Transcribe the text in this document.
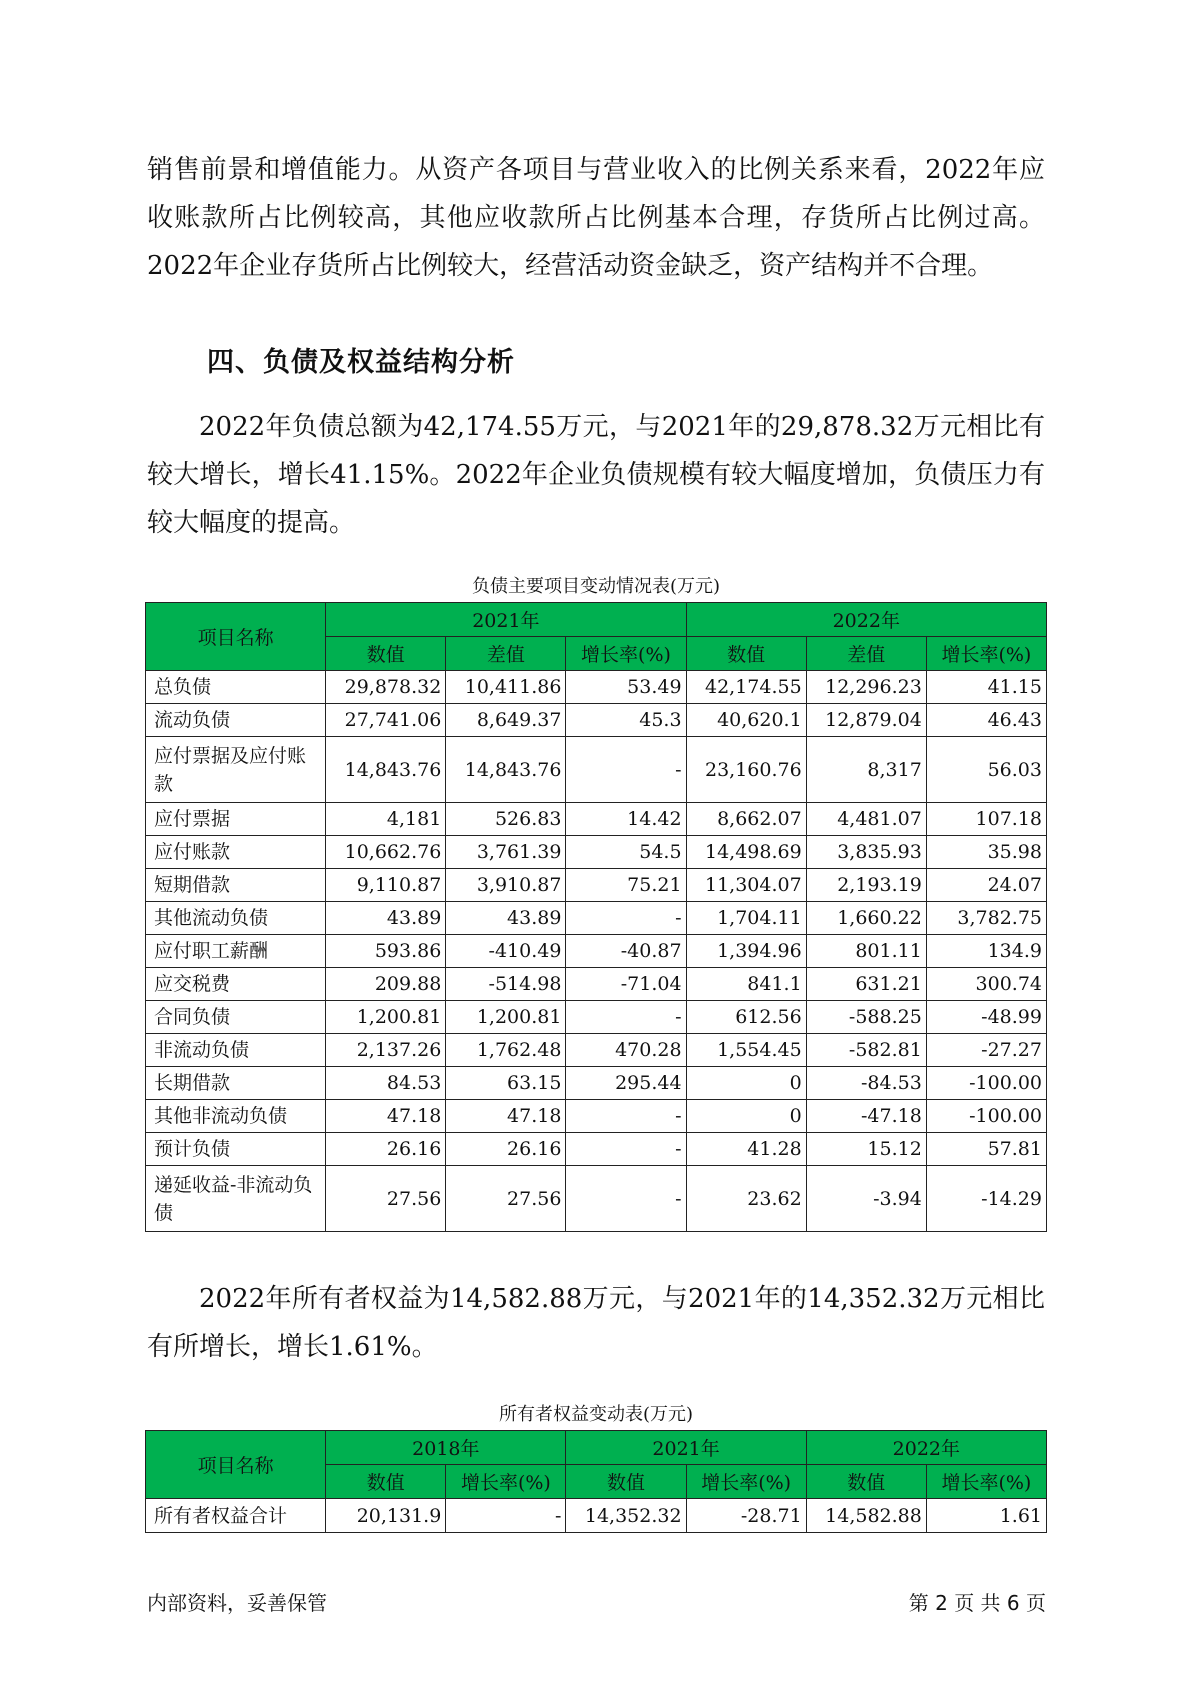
销售前景和增值能力。从资产各项目与营业收入的比例关系来看，2022年应收账款所占比例较高，其他应收款所占比例基本合理，存货所占比例过高。2022年企业存货所占比例较大，经营活动资金缺乏，资产结构并不合理。

四、负债及权益结构分析

2022年负债总额为42,174.55万元，与2021年的29,878.32万元相比有较大增长，增长41.15%。2022年企业负债规模有较大幅度增加，负债压力有较大幅度的提高。

负债主要项目变动情况表(万元)

项目名称	2021年			2022年		
	数值	差值	增长率(%)	数值	差值	增长率(%)
总负债	29,878.32	10,411.86	53.49	42,174.55	12,296.23	41.15
流动负债	27,741.06	8,649.37	45.3	40,620.1	12,879.04	46.43
应付票据及应付账款	14,843.76	14,843.76	-	23,160.76	8,317	56.03
应付票据	4,181	526.83	14.42	8,662.07	4,481.07	107.18
应付账款	10,662.76	3,761.39	54.5	14,498.69	3,835.93	35.98
短期借款	9,110.87	3,910.87	75.21	11,304.07	2,193.19	24.07
其他流动负债	43.89	43.89	-	1,704.11	1,660.22	3,782.75
应付职工薪酬	593.86	-410.49	-40.87	1,394.96	801.11	134.9
应交税费	209.88	-514.98	-71.04	841.1	631.21	300.74
合同负债	1,200.81	1,200.81	-	612.56	-588.25	-48.99
非流动负债	2,137.26	1,762.48	470.28	1,554.45	-582.81	-27.27
长期借款	84.53	63.15	295.44	0	-84.53	-100.00
其他非流动负债	47.18	47.18	-	0	-47.18	-100.00
预计负债	26.16	26.16	-	41.28	15.12	57.81
递延收益-非流动负债	27.56	27.56	-	23.62	-3.94	-14.29

2022年所有者权益为14,582.88万元，与2021年的14,352.32万元相比有所增长，增长1.61%。

所有者权益变动表(万元)

项目名称	2018年		2021年		2022年	
	数值	增长率(%)	数值	增长率(%)	数值	增长率(%)
所有者权益合计	20,131.9	-	14,352.32	-28.71	14,582.88	1.61

内部资料，妥善保管	第 2 页 共 6 页
